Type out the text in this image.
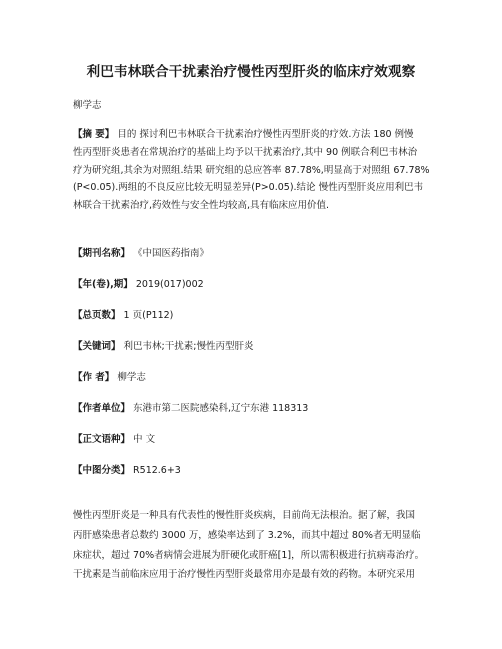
利巴韦林联合干扰素治疗慢性丙型肝炎的临床疗效观察
柳学志
【摘 要】 目的 探讨利巴韦林联合干扰素治疗慢性丙型肝炎的疗效.方法 180 例慢
性丙型肝炎患者在常规治疗的基础上均予以干扰素治疗,其中 90 例联合利巴韦林治
疗为研究组,其余为对照组.结果 研究组的总应答率 87.78%,明显高于对照组 67.78%
(P<0.05).两组的不良反应比较无明显差异(P>0.05).结论 慢性丙型肝炎应用利巴韦
林联合干扰素治疗,药效性与安全性均较高,具有临床应用价值.
【期刊名称】 《中国医药指南》
【年(卷),期】 2019(017)002
【总页数】 1 页(P112)
【关键词】 利巴韦林;干扰素;慢性丙型肝炎
【作 者】 柳学志
【作者单位】 东港市第二医院感染科,辽宁东港 118313
【正文语种】 中 文
【中图分类】 R512.6+3
慢性丙型肝炎是一种具有代表性的慢性肝炎疾病，目前尚无法根治。据了解，我国
丙肝感染患者总数约 3000 万，感染率达到了 3.2%，而其中超过 80%者无明显临
床症状，超过 70%者病情会进展为肝硬化或肝癌[1]，所以需积极进行抗病毒治疗。
干扰素是当前临床应用于治疗慢性丙型肝炎最常用亦是最有效的药物。本研究采用
